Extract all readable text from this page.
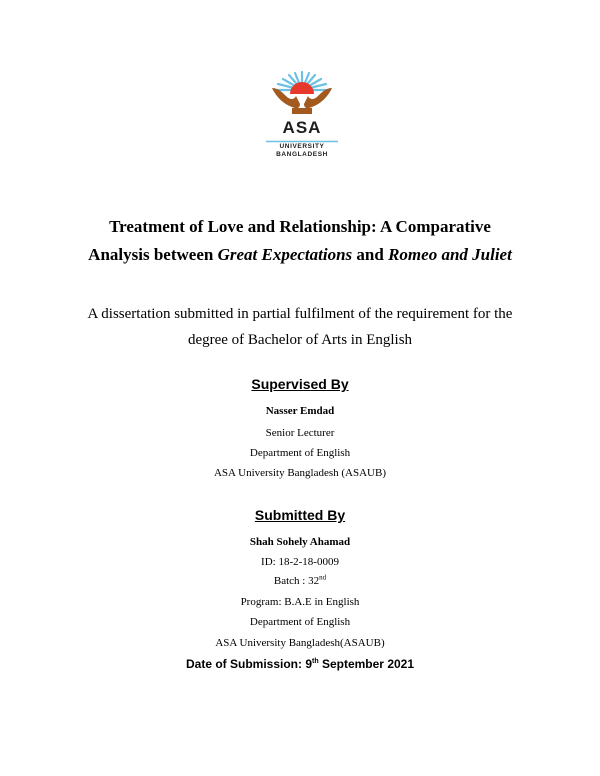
ASA
UNIVERSITY
BANGLADESH
Treatment of Love and Relationship: A Comparative
Analysis between Great Expectations and Romeo and Juliet
A dissertation submitted in partial fulfilment of the requirement for the
degree of Bachelor of Arts in English
Supervised By
Nasser Emdad
Senior Lecturer
Department of English
ASA University Bangladesh (ASAUB)
Submitted By
Shah Sohely Ahamad
ID: 18-2-18-0009
Batch : 32nd
Program: B.A.E in English
Department of English
ASA University Bangladesh(ASAUB)
Date of Submission: 9th September 2021
